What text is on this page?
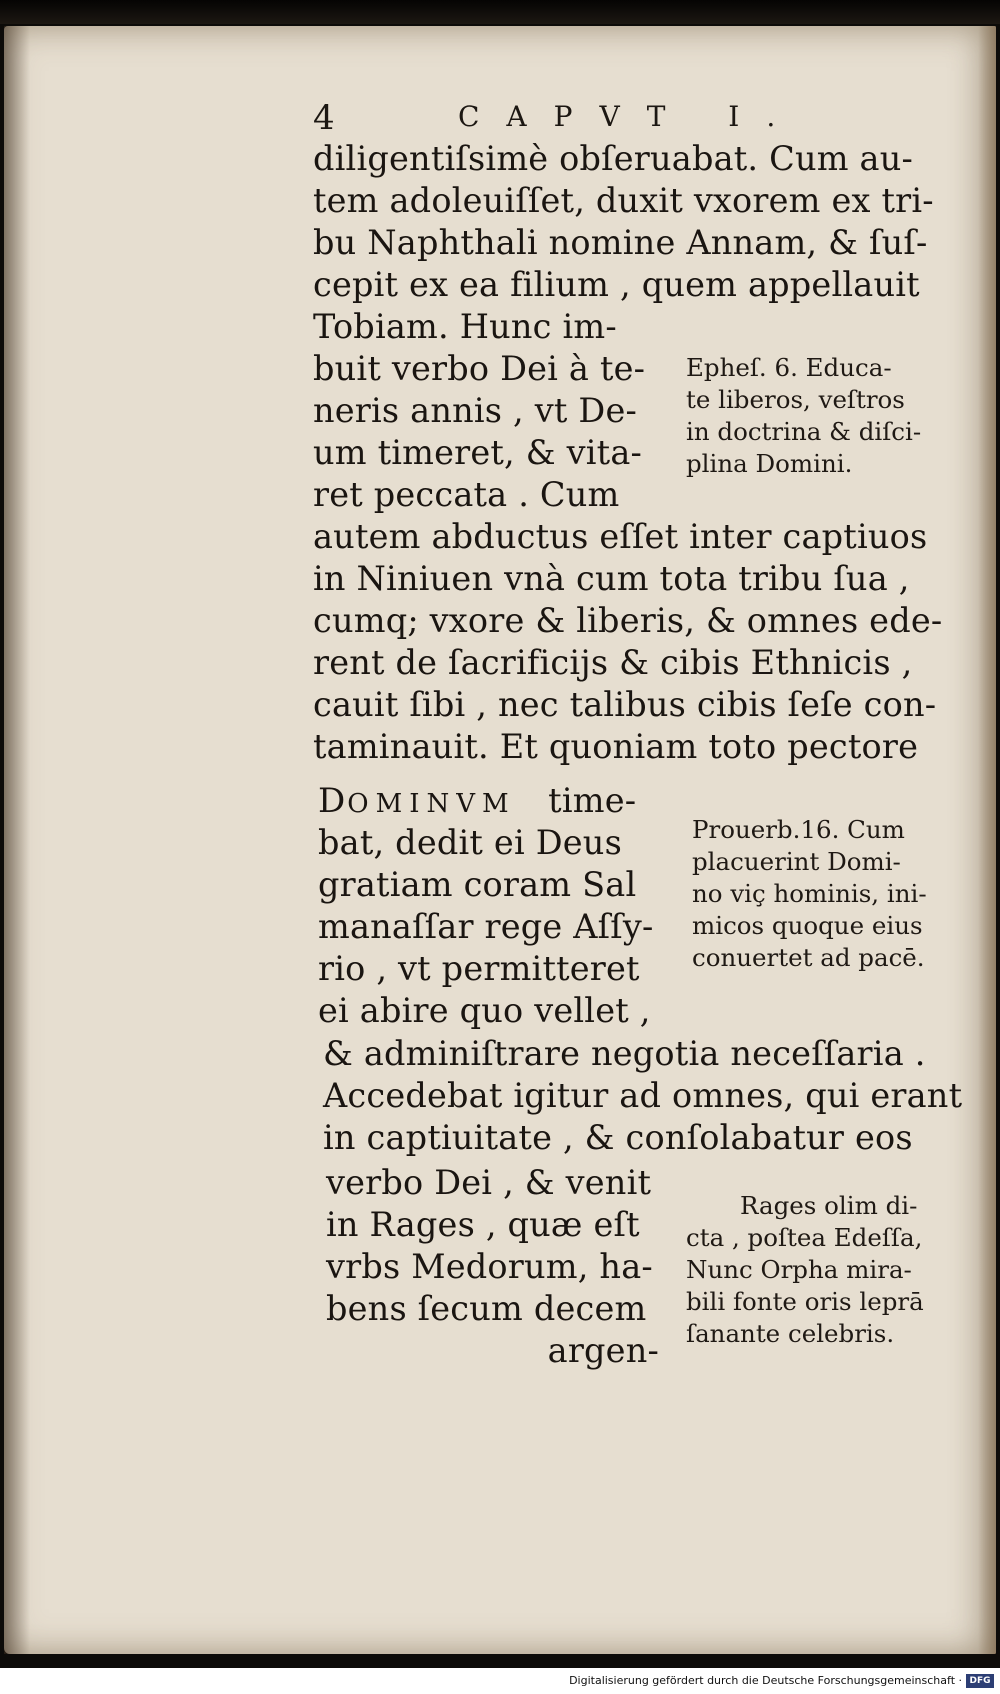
4	CAPVT I.
diligentiſsimè obſeruabat. Cum au-
tem adoleuiſſet, duxit vxorem ex tri-
bu Naphthali nomine Annam, & ſuſ-
cepit ex ea filium , quem appellauit
Tobiam. Hunc im-
buit verbo Dei à te-
neris annis , vt De-
um timeret, & vita-
ret peccata . Cum
Epheſ. 6. Educa-
te liberos, veſtros
in doctrina & diſci-
plina Domini.
autem abductus eſſet inter captiuos
in Niniuen vnà cum tota tribu ſua ,
cumq; vxore & liberis, & omnes ede-
rent de ſacrificijs & cibis Ethnicis ,
cauit ſibi , nec talibus cibis ſeſe con-
taminauit. Et quoniam toto pectore
DOMINVM time-
bat, dedit ei Deus
gratiam coram Sal
manaſſar rege Aſſy-
rio , vt permitteret
ei abire quo vellet ,
Prouerb.16. Cum
placuerint Domi-
no viç hominis, ini-
micos quoque eius
conuertet ad pacē.
& adminiſtrare negotia neceſſaria .
Accedebat igitur ad omnes, qui erant
in captiuitate , & conſolabatur eos
verbo Dei , & venit
in Rages , quæ eſt
vrbs Medorum, ha-
bens ſecum decem
argen-
Rages olim di-
cta , poſtea Edeſſa,
Nunc Orpha mira-
bili fonte oris leprā
ſanante celebris.
Digitalisierung gefördert durch die Deutsche Forschungsgemeinschaft · DFG
